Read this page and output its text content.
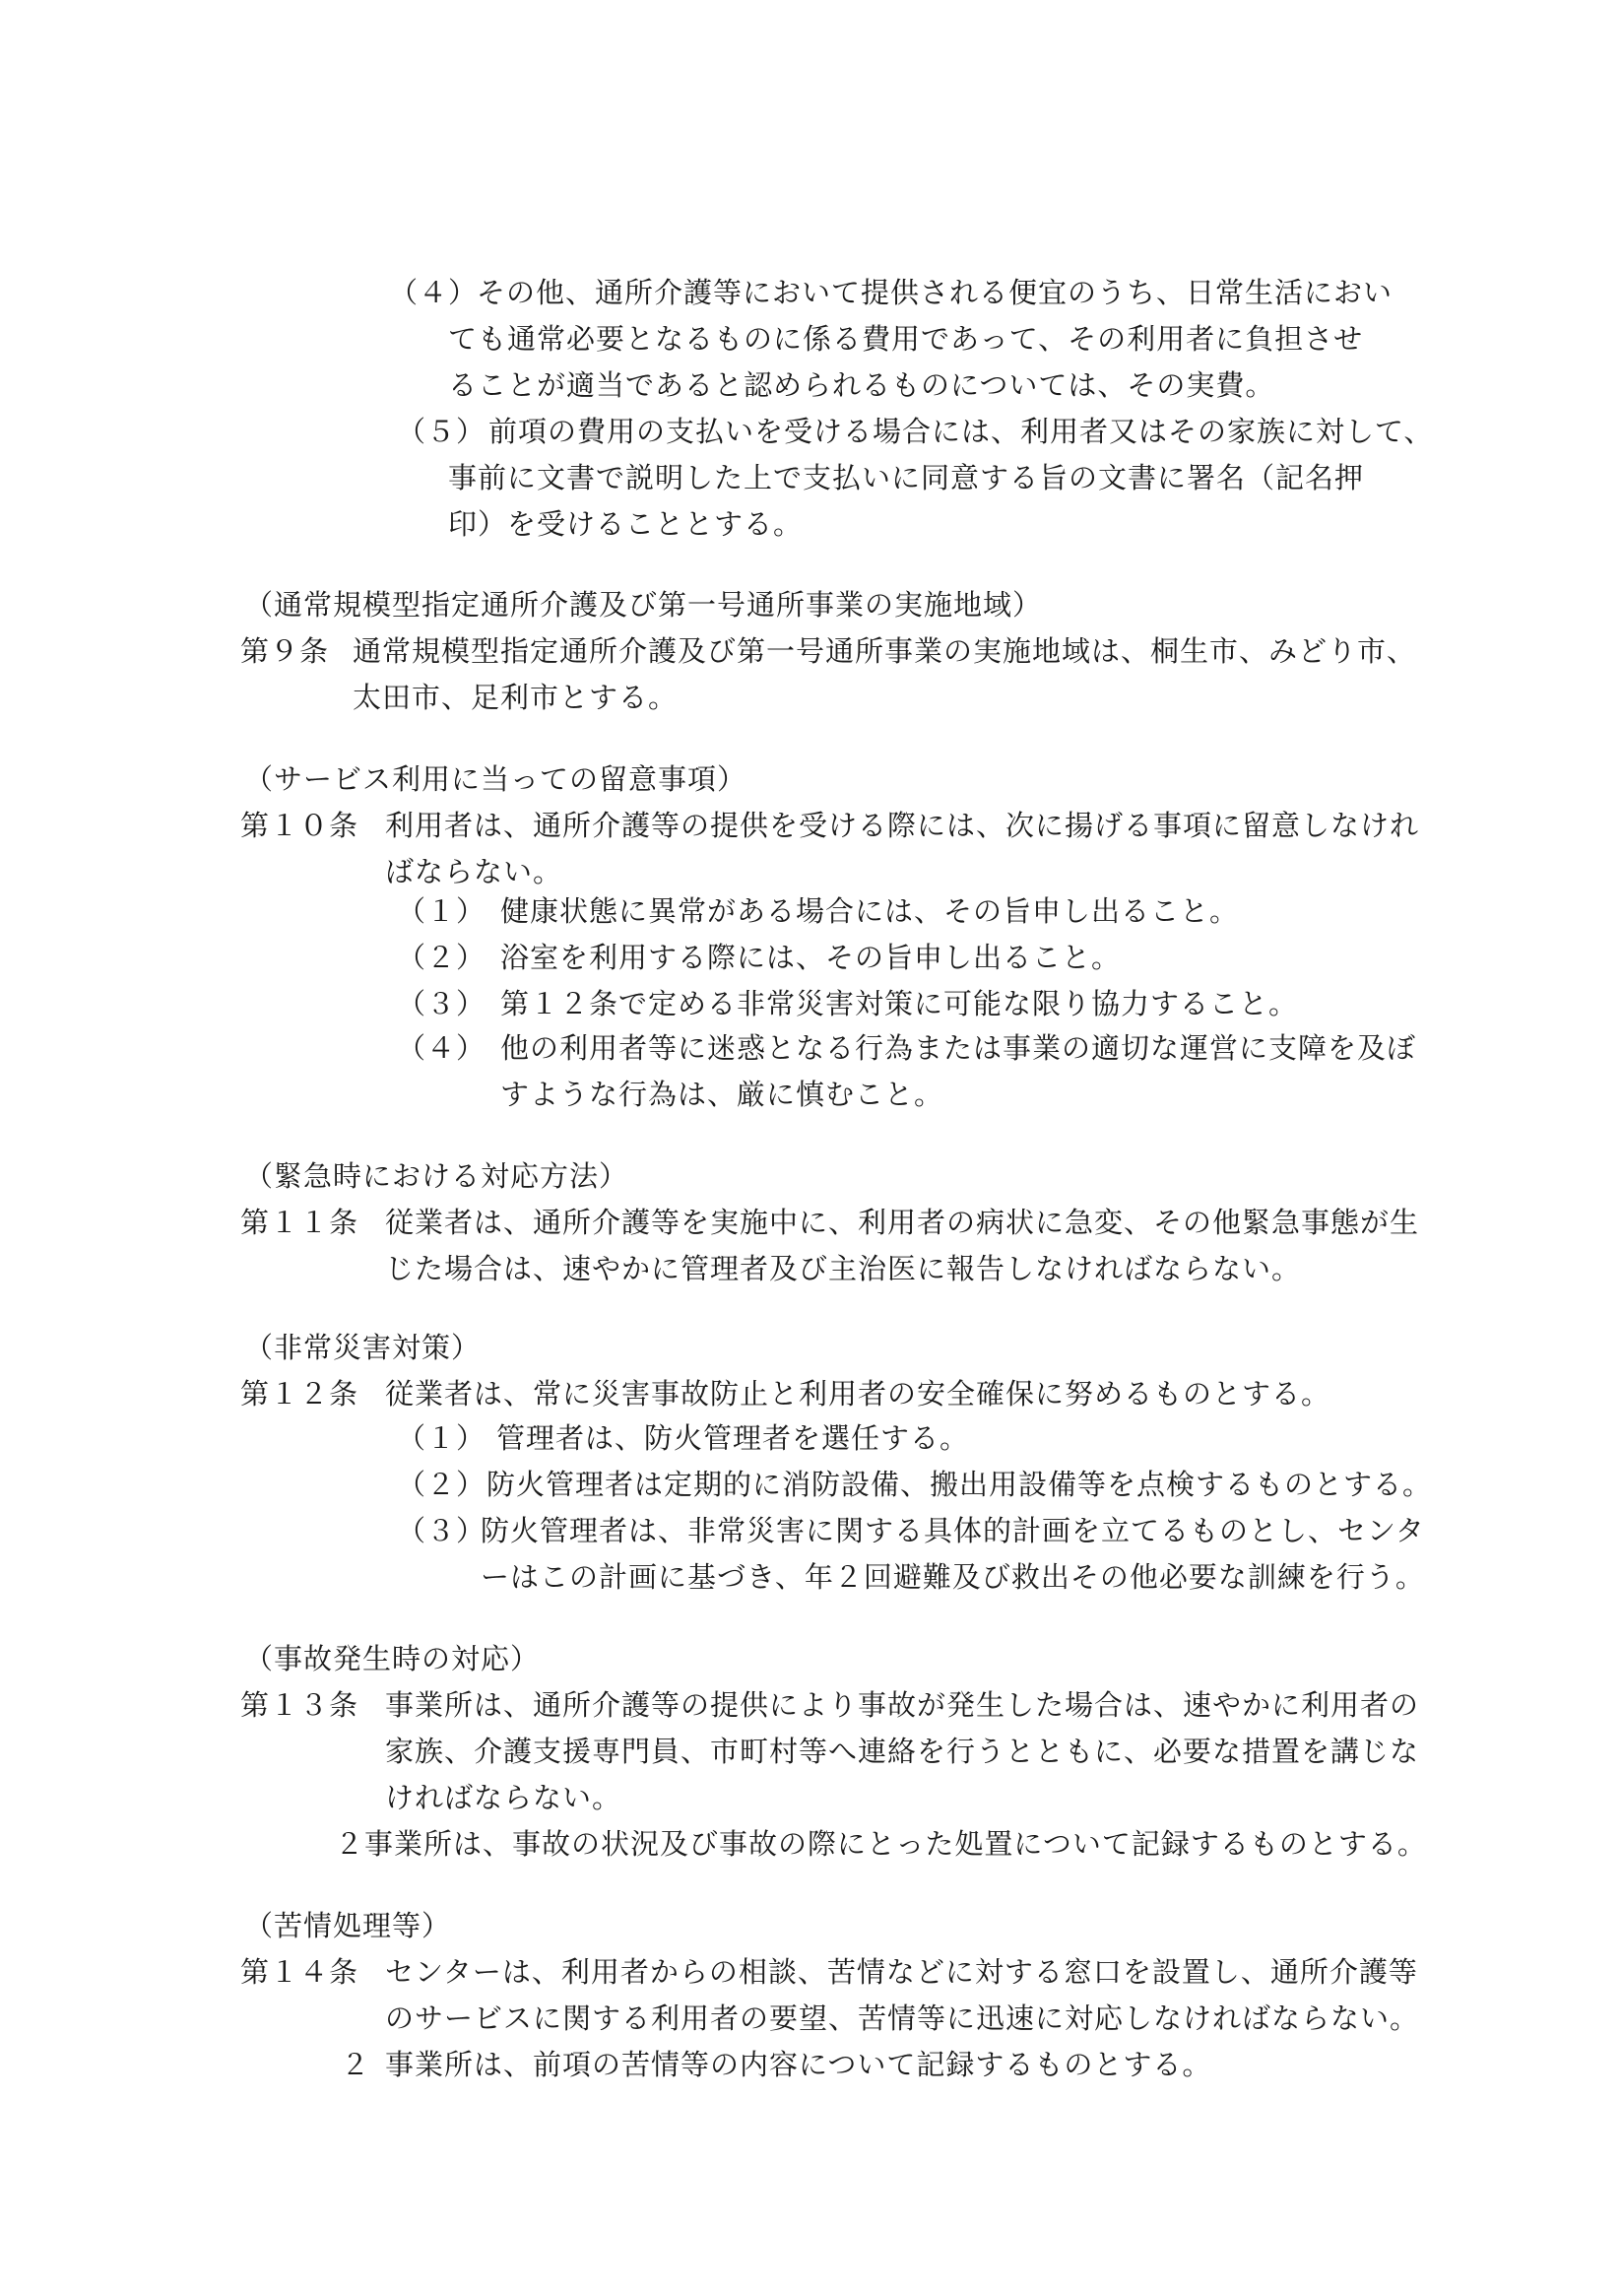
（４）
その他、通所介護等において提供される便宜のうち、日常生活におい
ても通常必要となるものに係る費用であって、その利用者に負担させ
ることが適当であると認められるものについては、その実費。
（５） 前項の費用の支払いを受ける場合には、利用者又はその家族に対して、
事前に文書で説明した上で支払いに同意する旨の文書に署名（記名押
印）を受けることとする。
（通常規模型指定通所介護及び第一号通所事業の実施地域）
第９条 通常規模型指定通所介護及び第一号通所事業の実施地域は、桐生市、みどり市、
太田市、足利市とする。
（サービス利用に当っての留意事項）
第１０条 利用者は、通所介護等の提供を受ける際には、次に揚げる事項に留意しなけれ
ばならない。
（１） 健康状態に異常がある場合には、その旨申し出ること。
（２） 浴室を利用する際には、その旨申し出ること。
（３） 第１２条で定める非常災害対策に可能な限り協力すること。
（４） 他の利用者等に迷惑となる行為または事業の適切な運営に支障を及ぼ
すような行為は、厳に慎むこと。
（緊急時における対応方法）
第１１条 従業者は、通所介護等を実施中に、利用者の病状に急変、その他緊急事態が生
じた場合は、速やかに管理者及び主治医に報告しなければならない。
（非常災害対策）
第１２条 従業者は、常に災害事故防止と利用者の安全確保に努めるものとする。
（１） 管理者は、防火管理者を選任する。
（２） 防火管理者は定期的に消防設備、搬出用設備等を点検するものとする。
（３）
防火管理者は、非常災害に関する具体的計画を立てるものとし、センタ
ーはこの計画に基づき、年２回避難及び救出その他必要な訓練を行う。
（事故発生時の対応）
第１３条 事業所は、通所介護等の提供により事故が発生した場合は、速やかに利用者の
家族、介護支援専門員、市町村等へ連絡を行うとともに、必要な措置を講じな
ければならない。
２事業所は、事故の状況及び事故の際にとった処置について記録するものとする。
（苦情処理等）
第１４条 センターは、利用者からの相談、苦情などに対する窓口を設置し、通所介護等
のサービスに関する利用者の要望、苦情等に迅速に対応しなければならない。
２ 事業所は、前項の苦情等の内容について記録するものとする。
